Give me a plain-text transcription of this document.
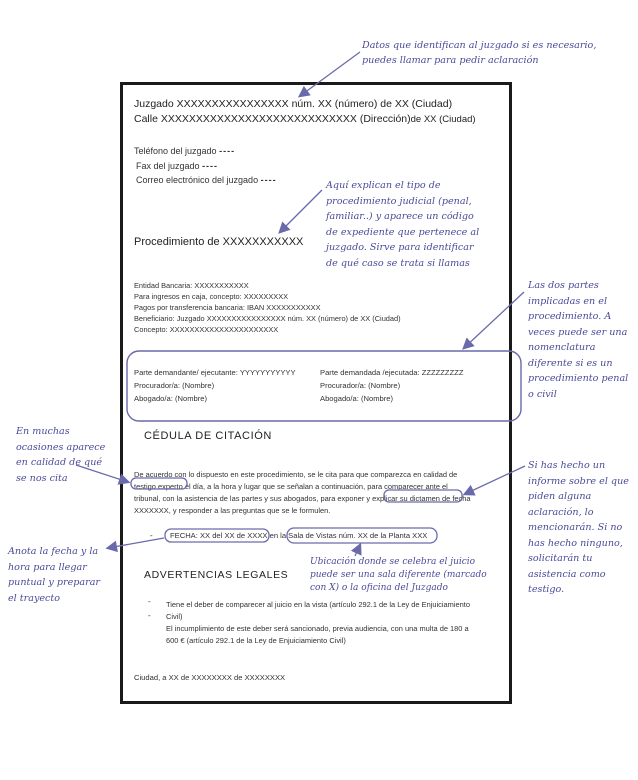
Datos que identifican al juzgado si es necesario,
puedes llamar para pedir aclaración
Aquí explican el tipo de
procedimiento judicial (penal,
familiar..) y aparece un código
de expediente que pertenece al
juzgado. Sirve para identificar
de qué caso se trata si llamas
Las dos partes
implicadas en el
procedimiento. A
veces puede ser una
nomenclatura
diferente si es un
procedimiento penal
o civil
En muchas
ocasiones aparece
en calidad de qué
se nos cita
Si has hecho un
informe sobre el que
piden alguna
aclaración, lo
mencionarán. Si no
has hecho ninguno,
solicitarán tu
asistencia como
testigo.
Anota la fecha y la
hora para llegar
puntual y preparar
el trayecto
Ubicación donde se celebra el juicio
puede ser una sala diferente (marcado
con X) o la oficina del Juzgado
Juzgado XXXXXXXXXXXXXXXX núm. XX (número) de XX (Ciudad)
Calle XXXXXXXXXXXXXXXXXXXXXXXXXXXX (Dirección)de XX (Ciudad)
Teléfono del juzgado ----
Fax del juzgado ----
Correo electrónico del juzgado ----
Procedimiento de XXXXXXXXXXX
Entidad Bancaria: XXXXXXXXXXX
Para ingresos en caja, concepto: XXXXXXXXX
Pagos por transferencia bancaria: IBAN XXXXXXXXXXX
Beneficiario: Juzgado XXXXXXXXXXXXXXXX núm. XX (número) de XX (Ciudad)
Concepto: XXXXXXXXXXXXXXXXXXXXXX
Parte demandante/ ejecutante: YYYYYYYYYYY
Procurador/a: (Nombre)
Abogado/a: (Nombre)
Parte demandada /ejecutada: ZZZZZZZZZ
Procurador/a: (Nombre)
Abogado/a: (Nombre)
CÉDULA DE CITACIÓN
De acuerdo con lo dispuesto en este procedimiento, se le cita para que comparezca en calidad de
testigo experto el día, a la hora y lugar que se señalan a continuación, para comparecer ante el
tribunal, con la asistencia de las partes y sus abogados, para exponer y explicar su dictamen de fecha
XXXXXXX, y responder a las preguntas que se le formulen.
- FECHA: XX del XX de XXXX en la Sala de Vistas núm. XX de la Planta XXX
ADVERTENCIAS LEGALES
-
-
Tiene el deber de comparecer al juicio en la vista (artículo 292.1 de la Ley de Enjuiciamiento
Civil)
El incumplimiento de este deber será sancionado, previa audiencia, con una multa de 180 a
600 € (artículo 292.1 de la Ley de Enjuiciamiento Civil)
Ciudad, a XX de XXXXXXXX de XXXXXXXX
